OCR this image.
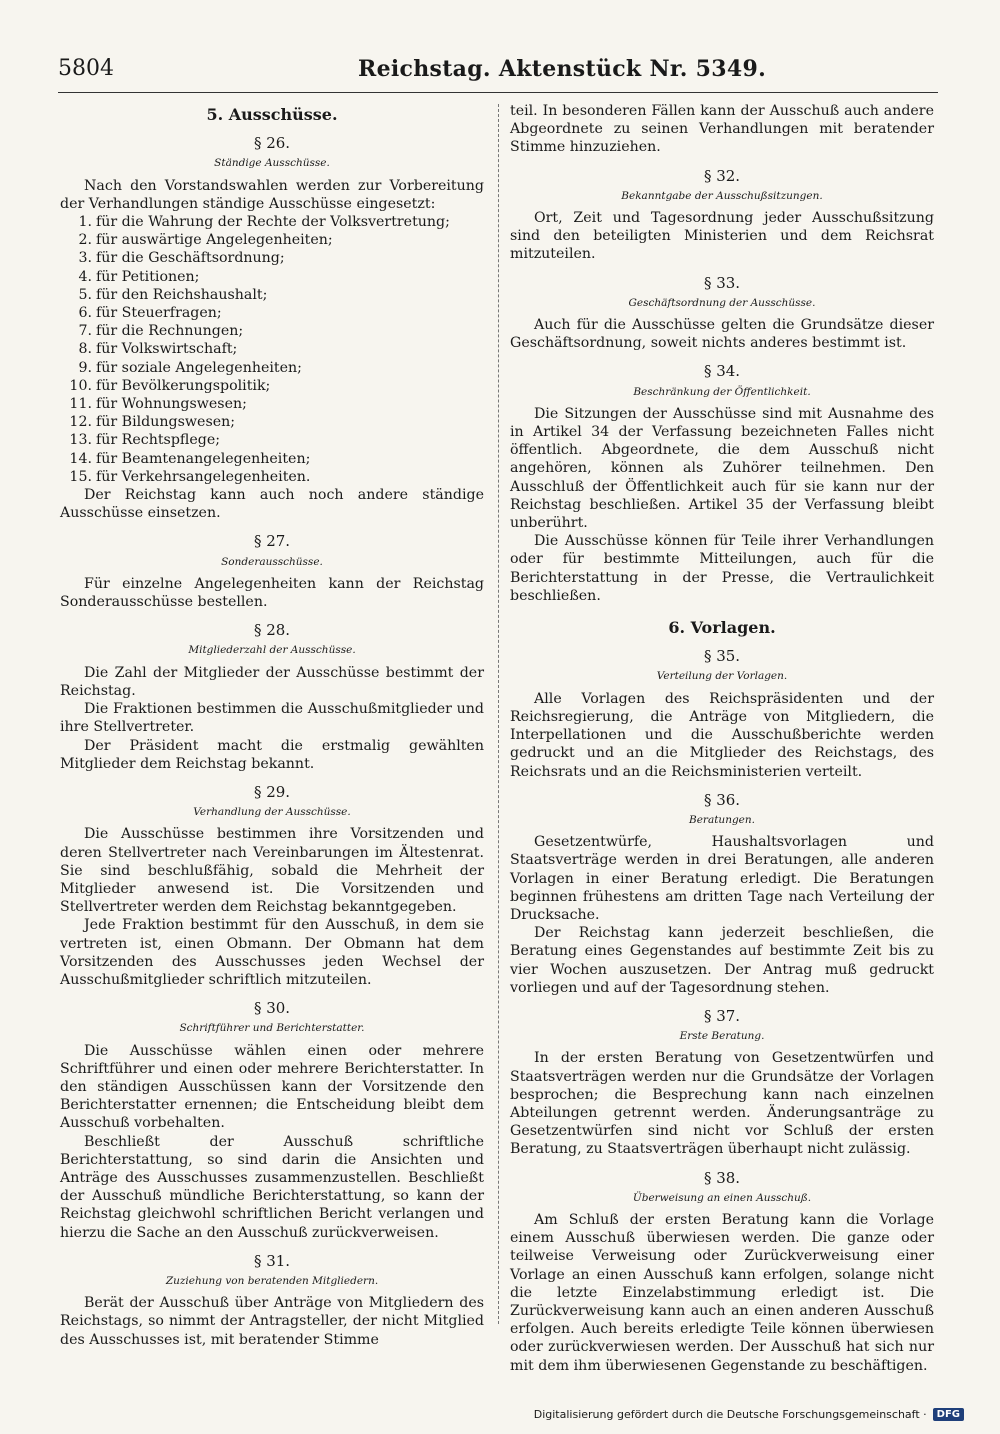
5804	Reichstag. Aktenstück Nr. 5349.
5. Ausschüsse.
§ 26.
Ständige Ausschüsse.

Nach den Vorstandswahlen werden zur Vorbereitung der Verhandlungen ständige Ausschüsse eingesetzt:

1. für die Wahrung der Rechte der Volksvertretung;
2. für auswärtige Angelegenheiten;
3. für die Geschäftsordnung;
4. für Petitionen;
5. für den Reichshaushalt;
6. für Steuerfragen;
7. für die Rechnungen;
8. für Volkswirtschaft;
9. für soziale Angelegenheiten;
10. für Bevölkerungspolitik;
11. für Wohnungswesen;
12. für Bildungswesen;
13. für Rechtspflege;
14. für Beamtenangelegenheiten;
15. für Verkehrsangelegenheiten.

Der Reichstag kann auch noch andere ständige Ausschüsse einsetzen.

§ 27.
Sonderausschüsse.

Für einzelne Angelegenheiten kann der Reichstag Sonderausschüsse bestellen.

§ 28.
Mitgliederzahl der Ausschüsse.

Die Zahl der Mitglieder der Ausschüsse bestimmt der Reichstag.

Die Fraktionen bestimmen die Ausschußmitglieder und ihre Stellvertreter.

Der Präsident macht die erstmalig gewählten Mitglieder dem Reichstag bekannt.

§ 29.
Verhandlung der Ausschüsse.

Die Ausschüsse bestimmen ihre Vorsitzenden und deren Stellvertreter nach Vereinbarungen im Ältestenrat. Sie sind beschlußfähig, sobald die Mehrheit der Mitglieder anwesend ist. Die Vorsitzenden und Stellvertreter werden dem Reichstag bekanntgegeben.

Jede Fraktion bestimmt für den Ausschuß, in dem sie vertreten ist, einen Obmann. Der Obmann hat dem Vorsitzenden des Ausschusses jeden Wechsel der Ausschußmitglieder schriftlich mitzuteilen.

§ 30.
Schriftführer und Berichterstatter.

Die Ausschüsse wählen einen oder mehrere Schriftführer und einen oder mehrere Berichterstatter. In den ständigen Ausschüssen kann der Vorsitzende den Berichterstatter ernennen; die Entscheidung bleibt dem Ausschuß vorbehalten.

Beschließt der Ausschuß schriftliche Berichterstattung, so sind darin die Ansichten und Anträge des Ausschusses zusammenzustellen. Beschließt der Ausschuß mündliche Berichterstattung, so kann der Reichstag gleichwohl schriftlichen Bericht verlangen und hierzu die Sache an den Ausschuß zurückverweisen.

§ 31.
Zuziehung von beratenden Mitgliedern.

Berät der Ausschuß über Anträge von Mitgliedern des Reichstags, so nimmt der Antragsteller, der nicht Mitglied des Ausschusses ist, mit beratender Stimme

teil. In besonderen Fällen kann der Ausschuß auch andere Abgeordnete zu seinen Verhandlungen mit beratender Stimme hinzuziehen.

§ 32.
Bekanntgabe der Ausschußsitzungen.

Ort, Zeit und Tagesordnung jeder Ausschußsitzung sind den beteiligten Ministerien und dem Reichsrat mitzuteilen.

§ 33.
Geschäftsordnung der Ausschüsse.

Auch für die Ausschüsse gelten die Grundsätze dieser Geschäftsordnung, soweit nichts anderes bestimmt ist.

§ 34.
Beschränkung der Öffentlichkeit.

Die Sitzungen der Ausschüsse sind mit Ausnahme des in Artikel 34 der Verfassung bezeichneten Falles nicht öffentlich. Abgeordnete, die dem Ausschuß nicht angehören, können als Zuhörer teilnehmen. Den Ausschluß der Öffentlichkeit auch für sie kann nur der Reichstag beschließen. Artikel 35 der Verfassung bleibt unberührt.

Die Ausschüsse können für Teile ihrer Verhandlungen oder für bestimmte Mitteilungen, auch für die Berichterstattung in der Presse, die Vertraulichkeit beschließen.

6. Vorlagen.
§ 35.
Verteilung der Vorlagen.

Alle Vorlagen des Reichspräsidenten und der Reichsregierung, die Anträge von Mitgliedern, die Interpellationen und die Ausschußberichte werden gedruckt und an die Mitglieder des Reichstags, des Reichsrats und an die Reichsministerien verteilt.

§ 36.
Beratungen.

Gesetzentwürfe, Haushaltsvorlagen und Staatsverträge werden in drei Beratungen, alle anderen Vorlagen in einer Beratung erledigt. Die Beratungen beginnen frühestens am dritten Tage nach Verteilung der Drucksache.

Der Reichstag kann jederzeit beschließen, die Beratung eines Gegenstandes auf bestimmte Zeit bis zu vier Wochen auszusetzen. Der Antrag muß gedruckt vorliegen und auf der Tagesordnung stehen.

§ 37.
Erste Beratung.

In der ersten Beratung von Gesetzentwürfen und Staatsverträgen werden nur die Grundsätze der Vorlagen besprochen; die Besprechung kann nach einzelnen Abteilungen getrennt werden. Änderungsanträge zu Gesetzentwürfen sind nicht vor Schluß der ersten Beratung, zu Staatsverträgen überhaupt nicht zulässig.

§ 38.
Überweisung an einen Ausschuß.

Am Schluß der ersten Beratung kann die Vorlage einem Ausschuß überwiesen werden. Die ganze oder teilweise Verweisung oder Zurückverweisung einer Vorlage an einen Ausschuß kann erfolgen, solange nicht die letzte Einzelabstimmung erledigt ist. Die Zurückverweisung kann auch an einen anderen Ausschuß erfolgen. Auch bereits erledigte Teile können überwiesen oder zurückverwiesen werden. Der Ausschuß hat sich nur mit dem ihm überwiesenen Gegenstande zu beschäftigen.

Digitalisierung gefördert durch die Deutsche Forschungsgemeinschaft ·	DFG
